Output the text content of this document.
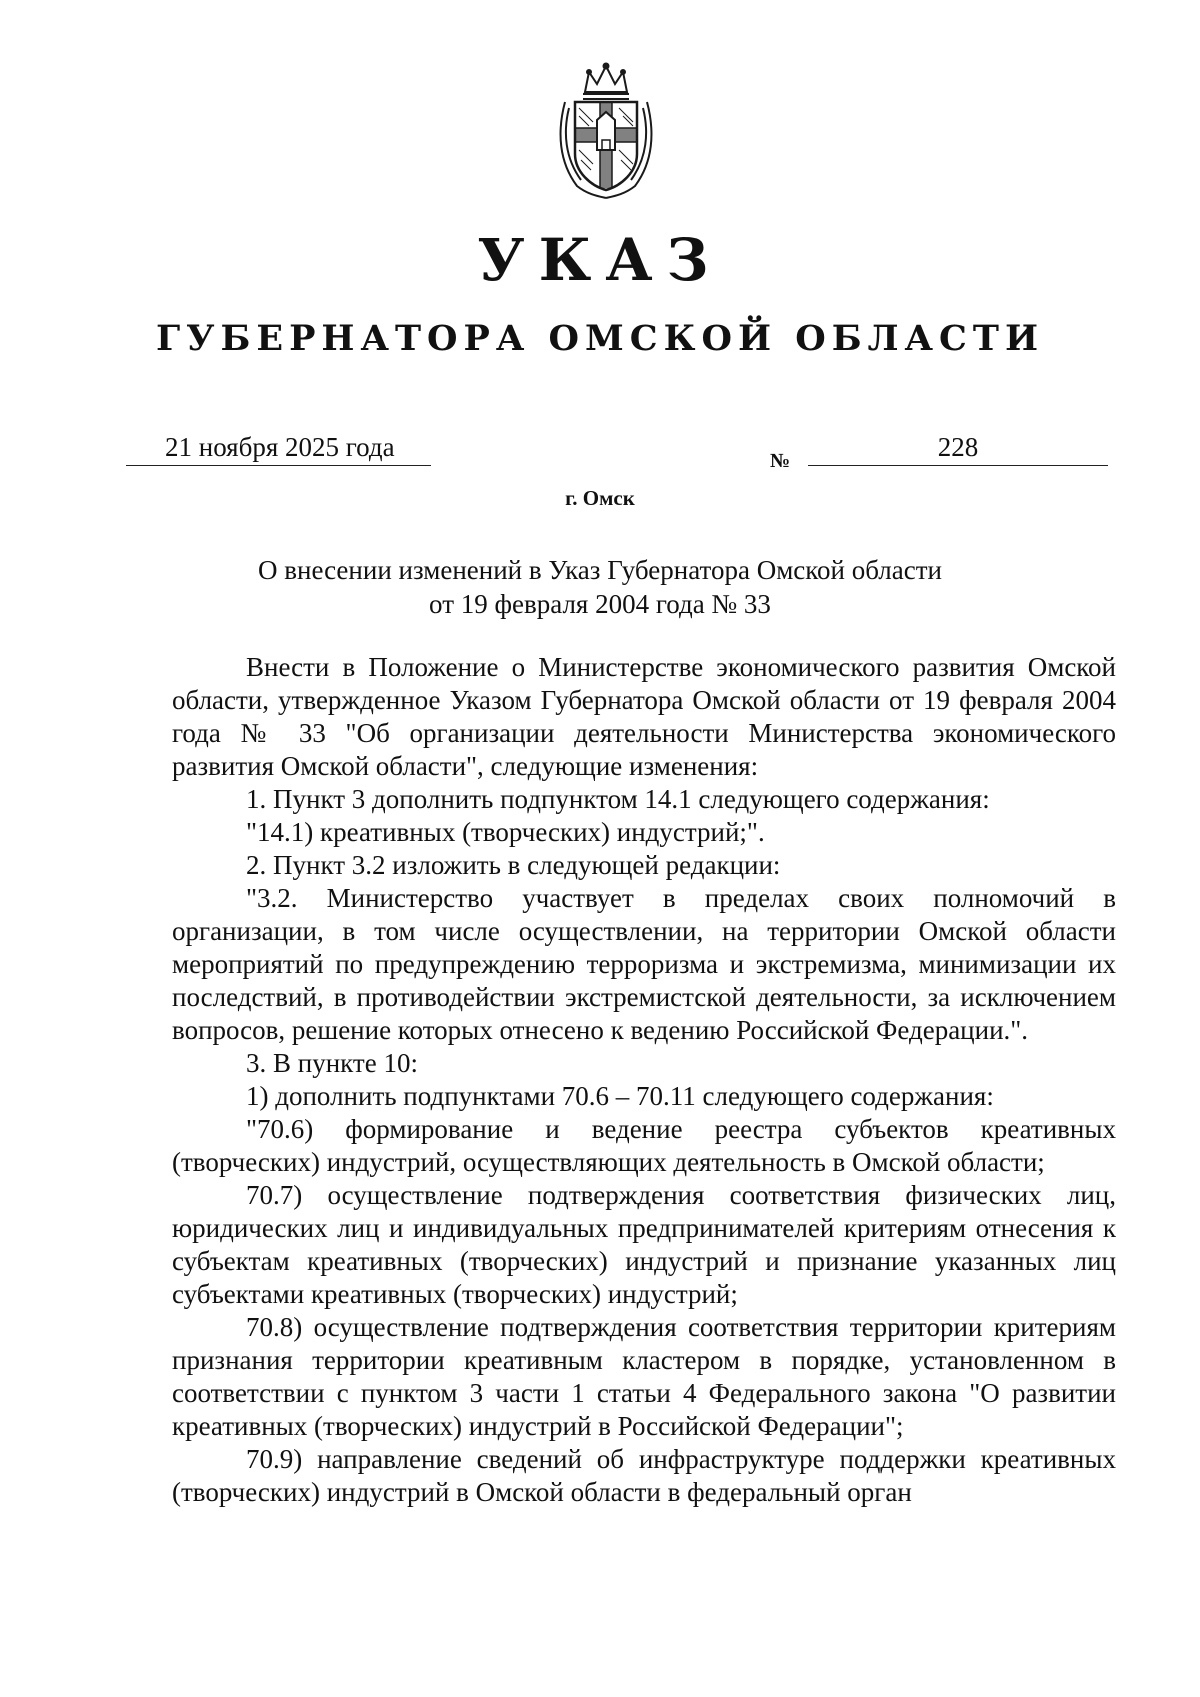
УКАЗ
ГУБЕРНАТОРА ОМСКОЙ ОБЛАСТИ
21 ноября 2025 года	№	228
г. Омск
О внесении изменений в Указ Губернатора Омской области
от 19 февраля 2004 года № 33

Внести в Положение о Министерстве экономического развития Омской области, утвержденное Указом Губернатора Омской области от 19 февраля 2004 года № 33 "Об организации деятельности Министерства экономического развития Омской области", следующие изменения:

1. Пункт 3 дополнить подпунктом 14.1 следующего содержания:

"14.1) креативных (творческих) индустрий;".

2. Пункт 3.2 изложить в следующей редакции:

"3.2. Министерство участвует в пределах своих полномочий в организации, в том числе осуществлении, на территории Омской области мероприятий по предупреждению терроризма и экстремизма, минимизации их последствий, в противодействии экстремистской деятельности, за исключением вопросов, решение которых отнесено к ведению Российской Федерации.".

3. В пункте 10:

1) дополнить подпунктами 70.6 – 70.11 следующего содержания:

"70.6) формирование и ведение реестра субъектов креативных (творческих) индустрий, осуществляющих деятельность в Омской области;

70.7) осуществление подтверждения соответствия физических лиц, юридических лиц и индивидуальных предпринимателей критериям отнесения к субъектам креативных (творческих) индустрий и признание указанных лиц субъектами креативных (творческих) индустрий;

70.8) осуществление подтверждения соответствия территории критериям признания территории креативным кластером в порядке, установленном в соответствии с пунктом 3 части 1 статьи 4 Федерального закона "О развитии креативных (творческих) индустрий в Российской Федерации";

70.9) направление сведений об инфраструктуре поддержки креативных (творческих) индустрий в Омской области в федеральный орган
